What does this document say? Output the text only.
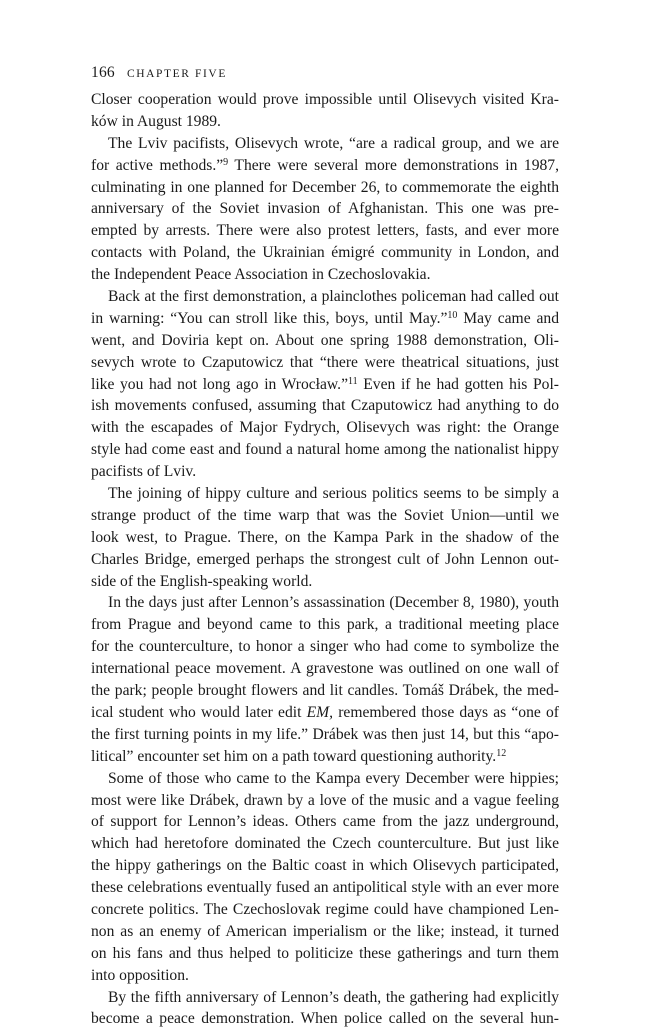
166 CHAPTER FIVE
Closer cooperation would prove impossible until Olisevych visited Kra-
ków in August 1989.
The Lviv pacifists, Olisevych wrote, “are a radical group, and we are
for active methods.”$^9$ There were several more demonstrations in 1987,
culminating in one planned for December 26, to commemorate the eighth
anniversary of the Soviet invasion of Afghanistan. This one was pre-
empted by arrests. There were also protest letters, fasts, and ever more
contacts with Poland, the Ukrainian émigré community in London, and
the Independent Peace Association in Czechoslovakia.
Back at the first demonstration, a plainclothes policeman had called out
in warning: “You can stroll like this, boys, until May.”$^{10}$ May came and
went, and Doviria kept on. About one spring 1988 demonstration, Oli-
sevych wrote to Czaputowicz that “there were theatrical situations, just
like you had not long ago in Wrocław.”$^{11}$ Even if he had gotten his Pol-
ish movements confused, assuming that Czaputowicz had anything to do
with the escapades of Major Fydrych, Olisevych was right: the Orange
style had come east and found a natural home among the nationalist hippy
pacifists of Lviv.
The joining of hippy culture and serious politics seems to be simply a
strange product of the time warp that was the Soviet Union—until we
look west, to Prague. There, on the Kampa Park in the shadow of the
Charles Bridge, emerged perhaps the strongest cult of John Lennon out-
side of the English-speaking world.
In the days just after Lennon’s assassination (December 8, 1980), youth
from Prague and beyond came to this park, a traditional meeting place
for the counterculture, to honor a singer who had come to symbolize the
international peace movement. A gravestone was outlined on one wall of
the park; people brought flowers and lit candles. Tomáš Drábek, the med-
ical student who would later edit EM, remembered those days as “one of
the first turning points in my life.” Drábek was then just 14, but this “apo-
litical” encounter set him on a path toward questioning authority.$^{12}$
Some of those who came to the Kampa every December were hippies;
most were like Drábek, drawn by a love of the music and a vague feeling
of support for Lennon’s ideas. Others came from the jazz underground,
which had heretofore dominated the Czech counterculture. But just like
the hippy gatherings on the Baltic coast in which Olisevych participated,
these celebrations eventually fused an antipolitical style with an ever more
concrete politics. The Czechoslovak regime could have championed Len-
non as an enemy of American imperialism or the like; instead, it turned
on his fans and thus helped to politicize these gatherings and turn them
into opposition.
By the fifth anniversary of Lennon’s death, the gathering had explicitly
become a peace demonstration. When police called on the several hun-
